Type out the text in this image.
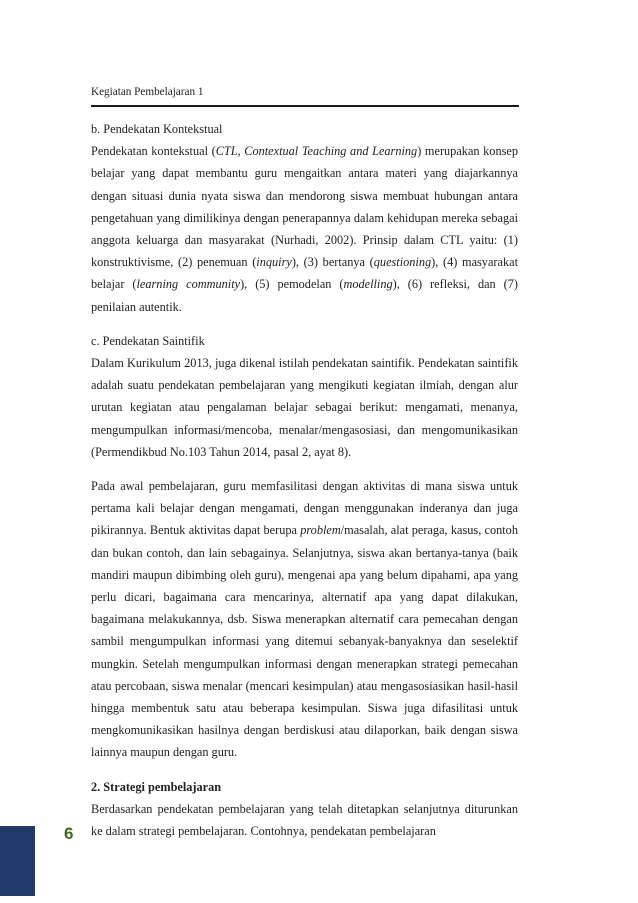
Kegiatan Pembelajaran 1

b. Pendekatan Kontekstual

Pendekatan kontekstual (CTL, Contextual Teaching and Learning) merupakan konsep belajar yang dapat membantu guru mengaitkan antara materi yang diajarkannya dengan situasi dunia nyata siswa dan mendorong siswa membuat hubungan antara pengetahuan yang dimilikinya dengan penerapannya dalam kehidupan mereka sebagai anggota keluarga dan masyarakat (Nurhadi, 2002). Prinsip dalam CTL yaitu: (1) konstruktivisme, (2) penemuan (inquiry), (3) bertanya (questioning), (4) masyarakat belajar (learning community), (5) pemodelan (modelling), (6) refleksi, dan (7) penilaian autentik.

c. Pendekatan Saintifik

Dalam Kurikulum 2013, juga dikenal istilah pendekatan saintifik. Pendekatan saintifik adalah suatu pendekatan pembelajaran yang mengikuti kegiatan ilmiah, dengan alur urutan kegiatan atau pengalaman belajar sebagai berikut: mengamati, menanya, mengumpulkan informasi/mencoba, menalar/mengasosiasi, dan mengomunikasikan (Permendikbud No.103 Tahun 2014, pasal 2, ayat 8).

Pada awal pembelajaran, guru memfasilitasi dengan aktivitas di mana siswa untuk pertama kali belajar dengan mengamati, dengan menggunakan inderanya dan juga pikirannya. Bentuk aktivitas dapat berupa problem/masalah, alat peraga, kasus, contoh dan bukan contoh, dan lain sebagainya. Selanjutnya, siswa akan bertanya-tanya (baik mandiri maupun dibimbing oleh guru), mengenai apa yang belum dipahami, apa yang perlu dicari, bagaimana cara mencarinya, alternatif apa yang dapat dilakukan, bagaimana melakukannya, dsb. Siswa menerapkan alternatif cara pemecahan dengan sambil mengumpulkan informasi yang ditemui sebanyak-banyaknya dan seselektif mungkin. Setelah mengumpulkan informasi dengan menerapkan strategi pemecahan atau percobaan, siswa menalar (mencari kesimpulan) atau mengasosiasikan hasil-hasil hingga membentuk satu atau beberapa kesimpulan. Siswa juga difasilitasi untuk mengkomunikasikan hasilnya dengan berdiskusi atau dilaporkan, baik dengan siswa lainnya maupun dengan guru.

2. Strategi pembelajaran

Berdasarkan pendekatan pembelajaran yang telah ditetapkan selanjutnya diturunkan ke dalam strategi pembelajaran. Contohnya, pendekatan pembelajaran

6
